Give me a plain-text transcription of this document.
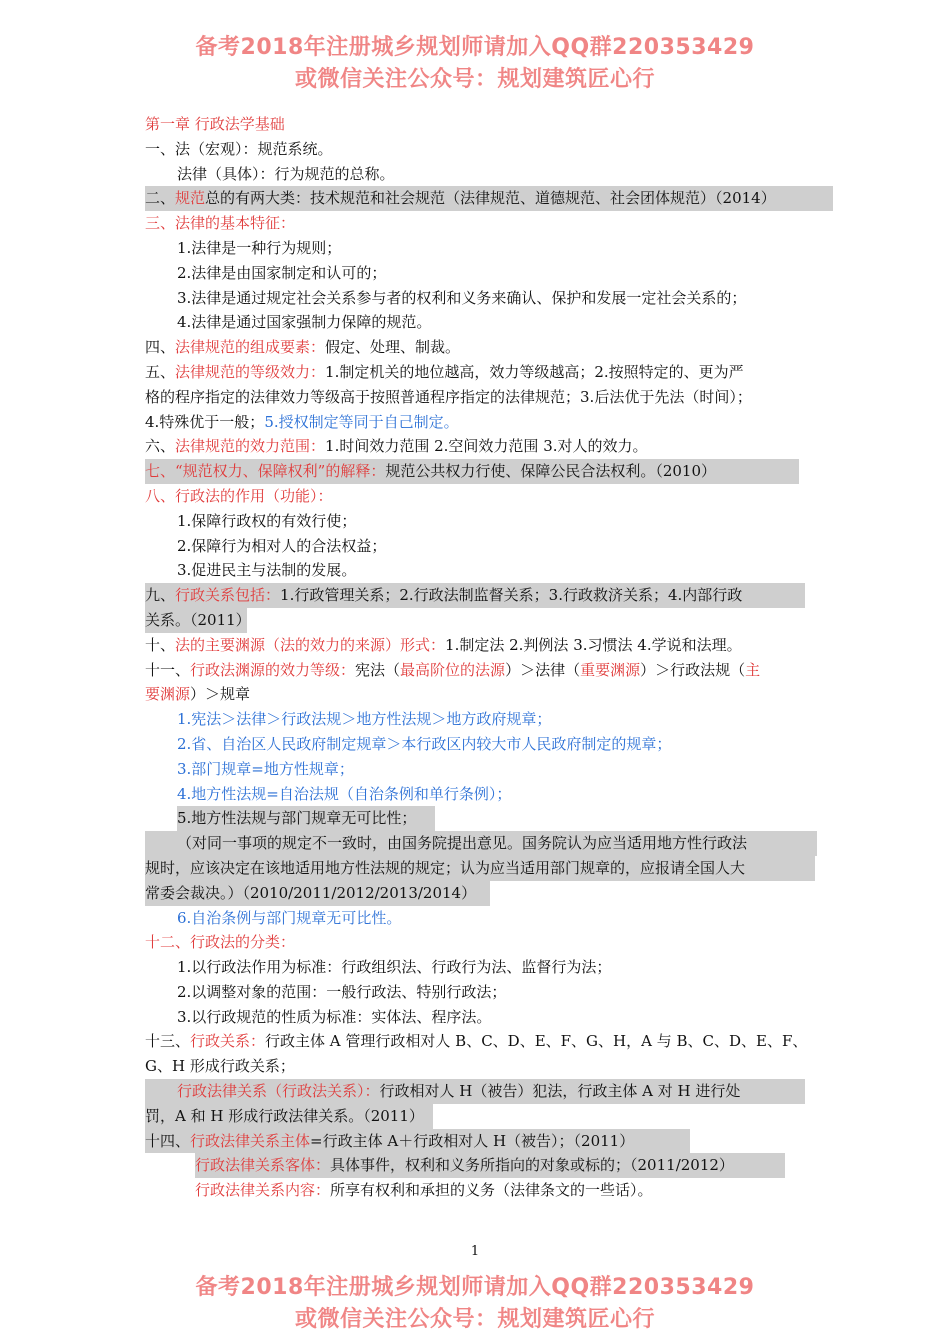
备考2018年注册城乡规划师请加入QQ群220353429
或微信关注公众号：规划建筑匠心行
第一章 行政法学基础
一、法（宏观）：规范系统。
法律（具体）：行为规范的总称。
二、规范总的有两大类：技术规范和社会规范（法律规范、道德规范、社会团体规范）（2014）
三、法律的基本特征：
1.法律是一种行为规则；
2.法律是由国家制定和认可的；
3.法律是通过规定社会关系参与者的权利和义务来确认、保护和发展一定社会关系的；
4.法律是通过国家强制力保障的规范。
四、法律规范的组成要素：假定、处理、制裁。
五、法律规范的等级效力：1.制定机关的地位越高，效力等级越高；2.按照特定的、更为严
格的程序指定的法律效力等级高于按照普通程序指定的法律规范；3.后法优于先法（时间）；
4.特殊优于一般；5.授权制定等同于自己制定。
六、法律规范的效力范围：1.时间效力范围 2.空间效力范围 3.对人的效力。
七、“规范权力、保障权利”的解释：规范公共权力行使、保障公民合法权利。（2010）
八、行政法的作用（功能）：
1.保障行政权的有效行使；
2.保障行为相对人的合法权益；
3.促进民主与法制的发展。
九、行政关系包括：1.行政管理关系；2.行政法制监督关系；3.行政救济关系；4.内部行政
关系。（2011）
十、法的主要渊源（法的效力的来源）形式：1.制定法 2.判例法 3.习惯法 4.学说和法理。
十一、行政法渊源的效力等级：宪法（最高阶位的法源）＞法律（重要渊源）＞行政法规（主
要渊源）＞规章
1.宪法＞法律＞行政法规＞地方性法规＞地方政府规章；
2.省、自治区人民政府制定规章＞本行政区内较大市人民政府制定的规章；
3.部门规章=地方性规章；
4.地方性法规=自治法规（自治条例和单行条例）；
5.地方性法规与部门规章无可比性；
（对同一事项的规定不一致时，由国务院提出意见。国务院认为应当适用地方性行政法
规时，应该决定在该地适用地方性法规的规定；认为应当适用部门规章的，应报请全国人大
常委会裁决。）（2010/2011/2012/2013/2014）
6.自治条例与部门规章无可比性。
十二、行政法的分类：
1.以行政法作用为标准：行政组织法、行政行为法、监督行为法；
2.以调整对象的范围：一般行政法、特别行政法；
3.以行政规范的性质为标准：实体法、程序法。
十三、行政关系：行政主体 A 管理行政相对人 B、C、D、E、F、G、H，A 与 B、C、D、E、F、
G、H 形成行政关系；
行政法律关系（行政法关系）：行政相对人 H（被告）犯法，行政主体 A 对 H 进行处
罚，A 和 H 形成行政法律关系。（2011）
十四、行政法律关系主体=行政主体 A＋行政相对人 H（被告）；（2011）
行政法律关系客体：具体事件，权利和义务所指向的对象或标的；（2011/2012）
行政法律关系内容：所享有权利和承担的义务（法律条文的一些话）。
1
备考2018年注册城乡规划师请加入QQ群220353429
或微信关注公众号：规划建筑匠心行
